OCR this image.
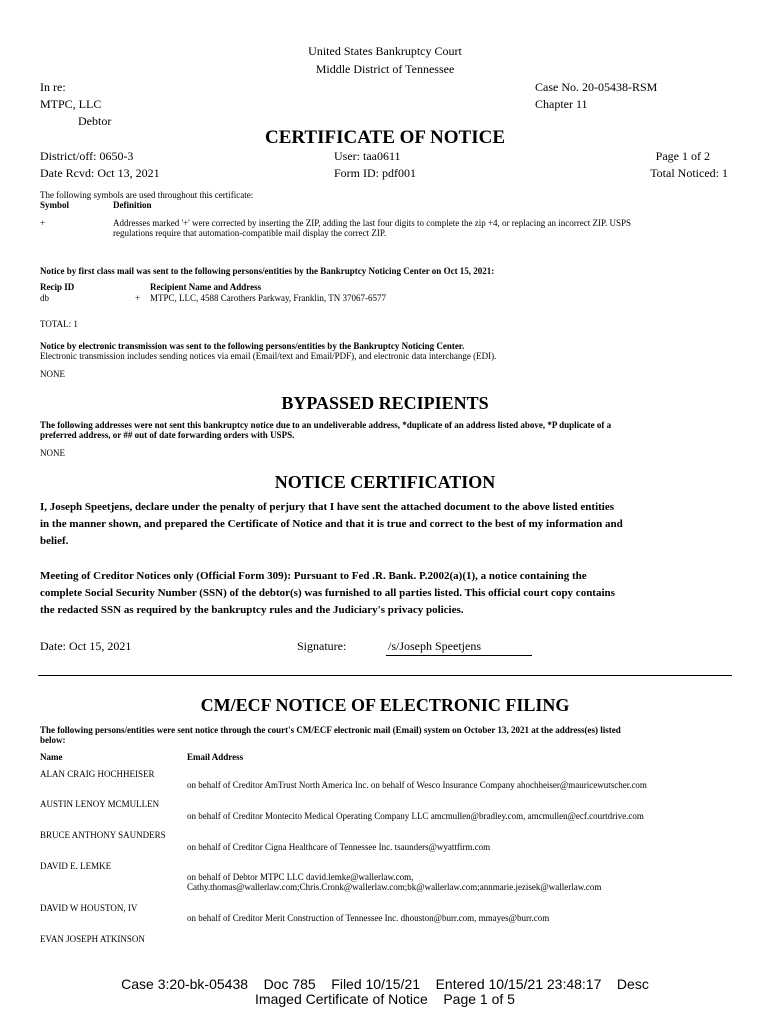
United States Bankruptcy Court
Middle District of Tennessee
In re:
MTPC, LLC
Debtor
Case No. 20-05438-RSM
Chapter 11
CERTIFICATE OF NOTICE
District/off: 0650-3
Date Rcvd: Oct 13, 2021
User: taa0611
Form ID: pdf001
Page 1 of 2
Total Noticed: 1
The following symbols are used throughout this certificate:
Symbol	Definition
+	Addresses marked '+' were corrected by inserting the ZIP, adding the last four digits to complete the zip +4, or replacing an incorrect ZIP. USPS
regulations require that automation-compatible mail display the correct ZIP.
Notice by first class mail was sent to the following persons/entities by the Bankruptcy Noticing Center on Oct 15, 2021:
Recip ID	Recipient Name and Address
db	+ MTPC, LLC, 4588 Carothers Parkway, Franklin, TN 37067-6577
TOTAL: 1
Notice by electronic transmission was sent to the following persons/entities by the Bankruptcy Noticing Center.
Electronic transmission includes sending notices via email (Email/text and Email/PDF), and electronic data interchange (EDI).
NONE
BYPASSED RECIPIENTS
The following addresses were not sent this bankruptcy notice due to an undeliverable address, *duplicate of an address listed above, *P duplicate of a
preferred address, or ## out of date forwarding orders with USPS.
NONE
NOTICE CERTIFICATION
I, Joseph Speetjens, declare under the penalty of perjury that I have sent the attached document to the above listed entities
in the manner shown, and prepared the Certificate of Notice and that it is true and correct to the best of my information and
belief.
Meeting of Creditor Notices only (Official Form 309): Pursuant to Fed .R. Bank. P.2002(a)(1), a notice containing the
complete Social Security Number (SSN) of the debtor(s) was furnished to all parties listed. This official court copy contains
the redacted SSN as required by the bankruptcy rules and the Judiciary's privacy policies.
Date: Oct 15, 2021	Signature:	/s/Joseph Speetjens
CM/ECF NOTICE OF ELECTRONIC FILING
The following persons/entities were sent notice through the court's CM/ECF electronic mail (Email) system on October 13, 2021 at the address(es) listed
below:
Name	Email Address
ALAN CRAIG HOCHHEISER
on behalf of Creditor AmTrust North America Inc. on behalf of Wesco Insurance Company ahochheiser@mauricewutscher.com
AUSTIN LENOY MCMULLEN
on behalf of Creditor Montecito Medical Operating Company LLC amcmullen@bradley.com, amcmullen@ecf.courtdrive.com
BRUCE ANTHONY SAUNDERS
on behalf of Creditor Cigna Healthcare of Tennessee Inc. tsaunders@wyattfirm.com
DAVID E. LEMKE
on behalf of Debtor MTPC LLC david.lemke@wallerlaw.com,
Cathy.thomas@wallerlaw.com;Chris.Cronk@wallerlaw.com;bk@wallerlaw.com;annmarie.jezisek@wallerlaw.com
DAVID W HOUSTON, IV
on behalf of Creditor Merit Construction of Tennessee Inc. dhouston@burr.com, mmayes@burr.com
EVAN JOSEPH ATKINSON
Case 3:20-bk-05438    Doc 785    Filed 10/15/21    Entered 10/15/21 23:48:17    Desc
Imaged Certificate of Notice    Page 1 of 5
